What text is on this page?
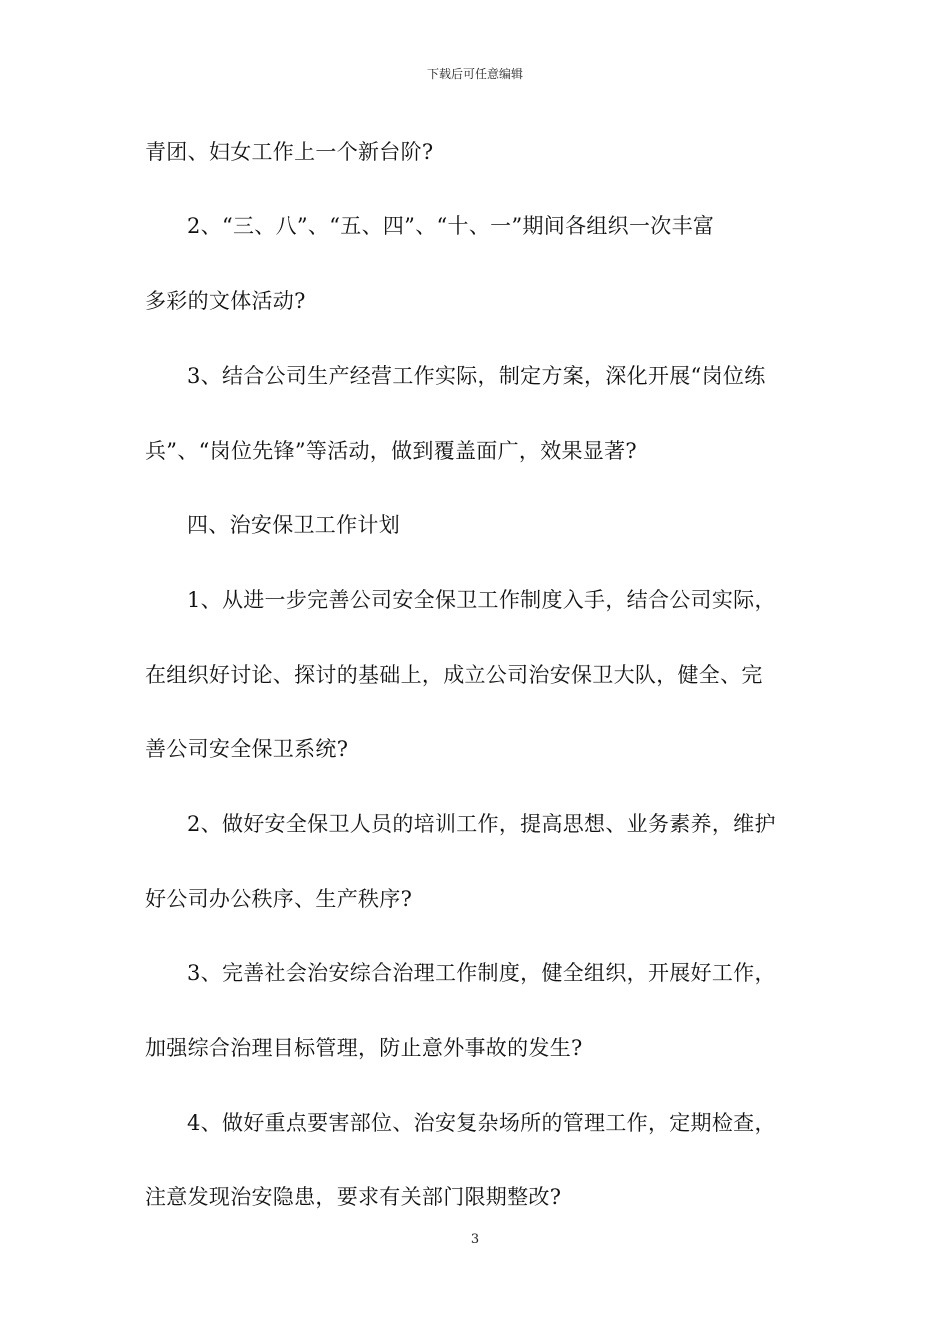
下载后可任意编辑
青团、妇女工作上一个新台阶?
2、“三、八”、“五、四”、“十、一”期间各组织一次丰富
多彩的文体活动?
3、结合公司生产经营工作实际，制定方案，深化开展“岗位练
兵”、“岗位先锋”等活动，做到覆盖面广，效果显著?
四、治安保卫工作计划
1、从进一步完善公司安全保卫工作制度入手，结合公司实际，
在组织好讨论、探讨的基础上，成立公司治安保卫大队，健全、完
善公司安全保卫系统?
2、做好安全保卫人员的培训工作，提高思想、业务素养，维护
好公司办公秩序、生产秩序?
3、完善社会治安综合治理工作制度，健全组织，开展好工作，
加强综合治理目标管理，防止意外事故的发生?
4、做好重点要害部位、治安复杂场所的管理工作，定期检查，
注意发现治安隐患，要求有关部门限期整改?
3
